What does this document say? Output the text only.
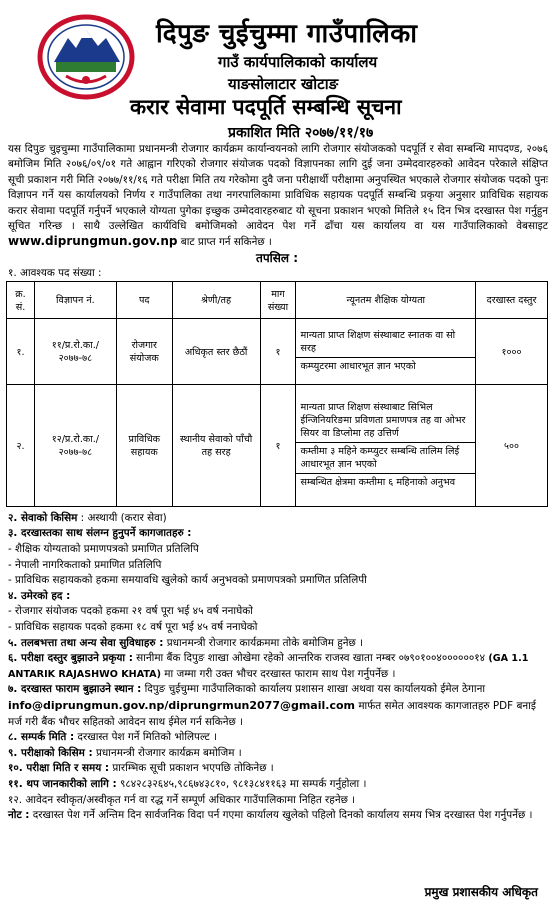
दिपुङ चुईचुम्मा गाउँपालिका
गाउँ कार्यपालिकाको कार्यालय
याङसोलाटार खोटाङ
करार सेवामा पदपूर्ति सम्बन्धि सूचना
प्रकाशित मिति २०७७/११/१७

यस दिपुङ चुइचुम्मा गाउँपालिकामा प्रधानमन्त्री रोजगार कार्यक्रम कार्यान्वयनको लागि रोजगार संयोजकको पदपूर्ति र सेवा सम्बन्धि मापदण्ड, २०७६ बमोजिम मिति २०७६/०९/०१ गते आह्वान गरिएको रोजगार संयोजक पदको विज्ञापनका लागि दुई जना उम्मेदवारहरुको आवेदन परेकाले संक्षिप्त सूची प्रकाशन गरी मिति २०७७/११/१६ गते परीक्षा मिति तय गरेकोमा दुवै जना परीक्षार्थी परीक्षामा अनुपस्थित भएकाले रोजगार संयोजक पदको पुनः विज्ञापन गर्ने यस कार्यालयको निर्णय र गाउँपालिका तथा नगरपालिकामा प्राविधिक सहायक पदपूर्ति सम्बन्धि प्रकृया अनुसार प्राविधिक सहायक करार सेवामा पदपूर्ति गर्नुपर्ने भएकाले योग्यता पुगेका इच्छुक उम्मेदवारहरुबाट यो सूचना प्रकाशन भएको मितिले १५ दिन भित्र दरखास्त पेश गर्नुहुन सूचित गरिन्छ । साथै उल्लेखित कार्यविधि बमोजिमको आवेदन पेश गर्ने ढाँचा यस कार्यालय वा यस गाउँपालिकाको वेबसाइट www.diprungmun.gov.np बाट प्राप्त गर्न सकिनेछ ।

तपसिल :

१. आवश्यक पद संख्या :
क्र. सं.	विज्ञापन नं.	पद	श्रेणी/तह	माग संख्या	न्यूनतम शैक्षिक योग्यता	दरखास्त दस्तुर
१.	११/प्र.रो.का./ २०७७-७८	रोजगार संयोजक	अधिकृत स्तर छैठौं	१	मान्यता प्राप्त शिक्षण संस्थाबाट स्नातक वा सो सरह
कम्प्युटरमा आधारभूत ज्ञान भएको	१०००
२.	१२/प्र.रो.का./ २०७७-७८	प्राविधिक सहायक	स्थानीय सेवाको पाँचौ तह सरह	१	मान्यता प्राप्त शिक्षण संस्थाबाट सिभिल ईन्जिनियरिङमा प्रविणता प्रमाणपत्र तह वा ओभर सियर वा डिप्लोमा तह उत्तिर्ण
कम्तीमा ३ महिने कम्प्युटर सम्बन्धि तालिम लिई आधारभूत ज्ञान भएको
सम्बन्धित क्षेत्रमा कम्तीमा ६ महिनाको अनुभव	५००
२. सेवाको किसिम : अस्थायी (करार सेवा)
३. दरखास्तका साथ संलग्न हुनुपर्ने कागजातहरु :
- शैक्षिक योग्यताको प्रमाणपत्रको प्रमाणित प्रतिलिपि
- नेपाली नागरिकताको प्रमाणित प्रतिलिपि
- प्राविधिक सहायकको हकमा समयावधि खुलेको कार्य अनुभवको प्रमाणपत्रको प्रमाणित प्रतिलिपी
४. उमेरको हद :
- रोजगार संयोजक पदको हकमा २१ वर्ष पूरा भई ४५ वर्ष ननाघेको
- प्राविधिक सहायक पदको हकमा १८ वर्ष पूरा भई ४५ वर्ष ननाघेको
५. तलबभत्ता तथा अन्य सेवा सुविधाहरु : प्रधानमन्त्री रोजगार कार्यक्रममा तोके बमोजिम हुनेछ ।
६. परीक्षा दस्तुर बुझाउने प्रकृया : सानीमा बैंक दिपुङ शाखा ओखेमा रहेको आन्तरिक राजस्व खाता नम्बर ०७९०१००४००००००१४ (GA 1.1 ANTARIK RAJASHWO KHATA) मा जम्मा गरी उक्त भौचर दरखास्त फाराम साथ पेश गर्नुपर्नेछ ।
७. दरखास्त फाराम बुझाउने स्थान : दिपुङ चुईचुम्मा गाउँपालिकाको कार्यालय प्रशासन शाखा अथवा यस कार्यालयको ईमेल ठेगाना info@diprungmun.gov.np/diprungrmun2077@gmail.com मार्फत समेत आवश्यक कागजातहरु PDF बनाई मर्ज गरी बैंक भौचर सहितको आवेदन साथ ईमेल गर्न सकिनेछ ।
८. सम्पर्क मिति : दरखास्त पेश गर्ने मितिको भोलिपल्ट ।
९. परीक्षाको किसिम : प्रधानमन्त्री रोजगार कार्यक्रम बमोजिम ।
१०. परीक्षा मिति र समय : प्रारम्भिक सूची प्रकाशन भएपछि तोकिनेछ ।
११. थप जानकारीको लागि : ९८४२८३२६४५,९८६७४३८१०, ९८१३८४११६३ मा सम्पर्क गर्नुहोला ।
१२. आवेदन स्वीकृत/अस्वीकृत गर्न वा रद्ध गर्ने सम्पूर्ण अधिकार गाउँपालिकामा निहित रहनेछ ।
नोट : दरखास्त पेश गर्ने अन्तिम दिन सार्वजनिक विदा पर्न गएमा कार्यालय खुलेको पहिलो दिनको कार्यालय समय भित्र दरखास्त पेश गर्नुपर्नेछ ।
प्रमुख प्रशासकीय अधिकृत
